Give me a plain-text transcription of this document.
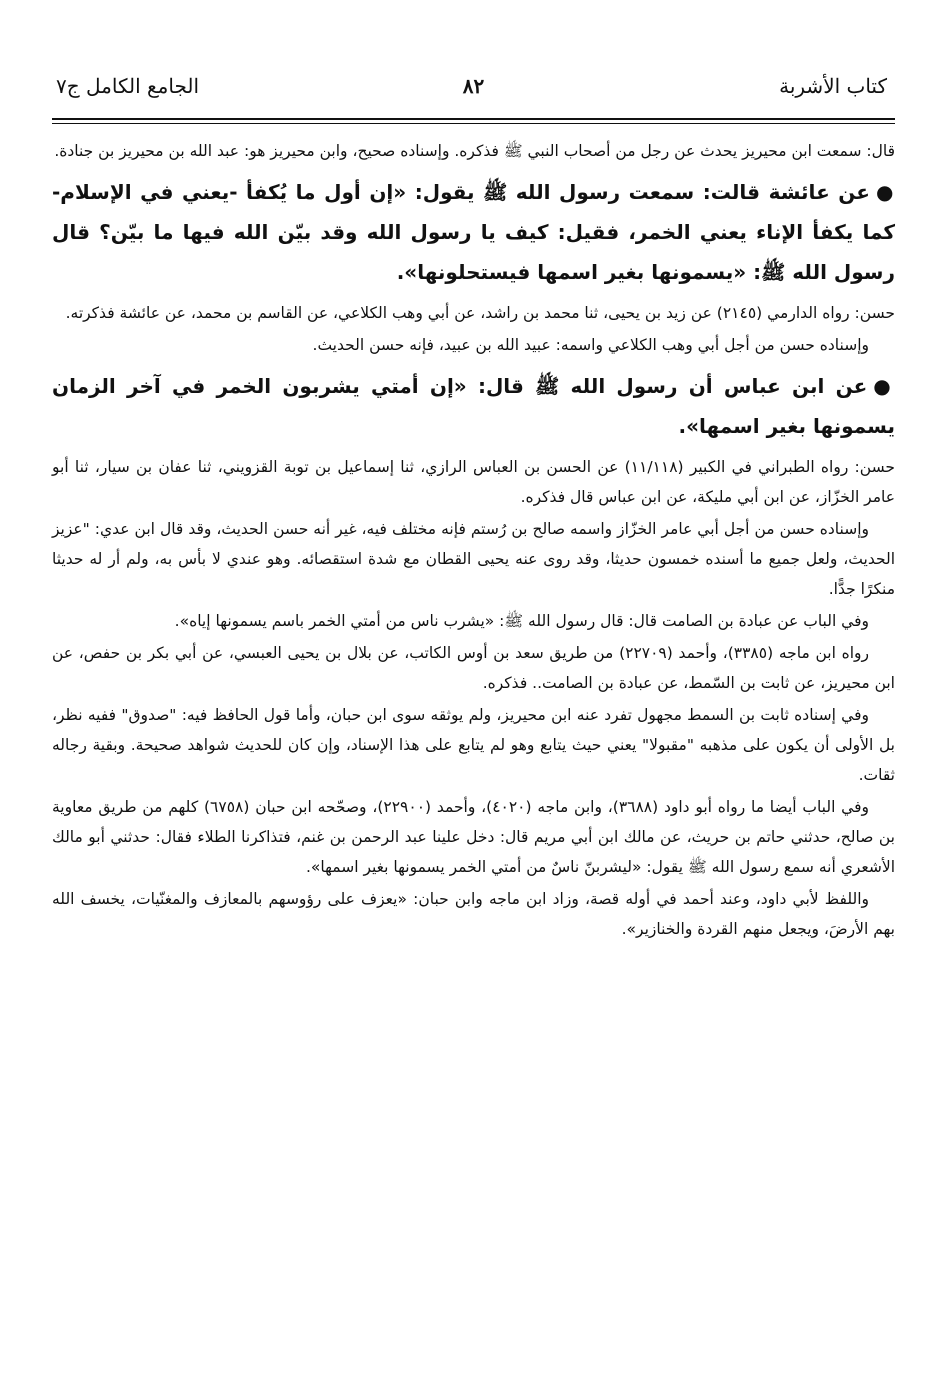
كتاب الأشربة
٨٢
الجامع الكامل ج٧

قال: سمعت ابن محيريز يحدث عن رجل من أصحاب النبي ﷺ فذكره. وإسناده صحيح، وابن محيريز هو: عبد الله بن محيريز بن جنادة.

●عن عائشة قالت: سمعت رسول الله ﷺ يقول: «إن أول ما يُكفأ -يعني في الإسلام- كما يكفأ الإناء يعني الخمر، فقيل: كيف يا رسول الله وقد بيّن الله فيها ما بيّن؟ قال رسول الله ﷺ: «يسمونها بغير اسمها فيستحلونها».

حسن: رواه الدارمي (٢١٤٥) عن زيد بن يحيى، ثنا محمد بن راشد، عن أبي وهب الكلاعي، عن القاسم بن محمد، عن عائشة فذكرته.

وإسناده حسن من أجل أبي وهب الكلاعي واسمه: عبيد الله بن عبيد، فإنه حسن الحديث.

●عن ابن عباس أن رسول الله ﷺ قال: «إن أمتي يشربون الخمر في آخر الزمان يسمونها بغير اسمها».

حسن: رواه الطبراني في الكبير (١١/١١٨) عن الحسن بن العباس الرازي، ثنا إسماعيل بن توبة القزويني، ثنا عفان بن سيار، ثنا أبو عامر الخزّاز، عن ابن أبي مليكة، عن ابن عباس قال فذكره.

وإسناده حسن من أجل أبي عامر الخزّاز واسمه صالح بن رُستم فإنه مختلف فيه، غير أنه حسن الحديث، وقد قال ابن عدي: "عزيز الحديث، ولعل جميع ما أسنده خمسون حديثا، وقد روى عنه يحيى القطان مع شدة استقصائه. وهو عندي لا بأس به، ولم أر له حديثا منكرًا جدًّا.

وفي الباب عن عبادة بن الصامت قال: قال رسول الله ﷺ: «يشرب ناس من أمتي الخمر باسم يسمونها إياه».

رواه ابن ماجه (٣٣٨٥)، وأحمد (٢٢٧٠٩) من طريق سعد بن أوس الكاتب، عن بلال بن يحيى العبسي، عن أبي بكر بن حفص، عن ابن محيريز، عن ثابت بن السّمط، عن عبادة بن الصامت.. فذكره.

وفي إسناده ثابت بن السمط مجهول تفرد عنه ابن محيريز، ولم يوثقه سوى ابن حبان، وأما قول الحافظ فيه: "صدوق" ففيه نظر، بل الأولى أن يكون على مذهبه "مقبولا" يعني حيث يتابع وهو لم يتابع على هذا الإسناد، وإن كان للحديث شواهد صحيحة. وبقية رجاله ثقات.

وفي الباب أيضا ما رواه أبو داود (٣٦٨٨)، وابن ماجه (٤٠٢٠)، وأحمد (٢٢٩٠٠)، وصحّحه ابن حبان (٦٧٥٨) كلهم من طريق معاوية بن صالح، حدثني حاتم بن حريث، عن مالك ابن أبي مريم قال: دخل علينا عبد الرحمن بن غنم، فتذاكرنا الطلاء فقال: حدثني أبو مالك الأشعري أنه سمع رسول الله ﷺ يقول: «ليشربنّ ناسٌ من أمتي الخمر يسمونها بغير اسمها».

واللفظ لأبي داود، وعند أحمد في أوله قصة، وزاد ابن ماجه وابن حبان: «يعزف على رؤوسهم بالمعازف والمغنّيات، يخسف الله بهم الأرضَ، ويجعل منهم القردة والخنازير».
